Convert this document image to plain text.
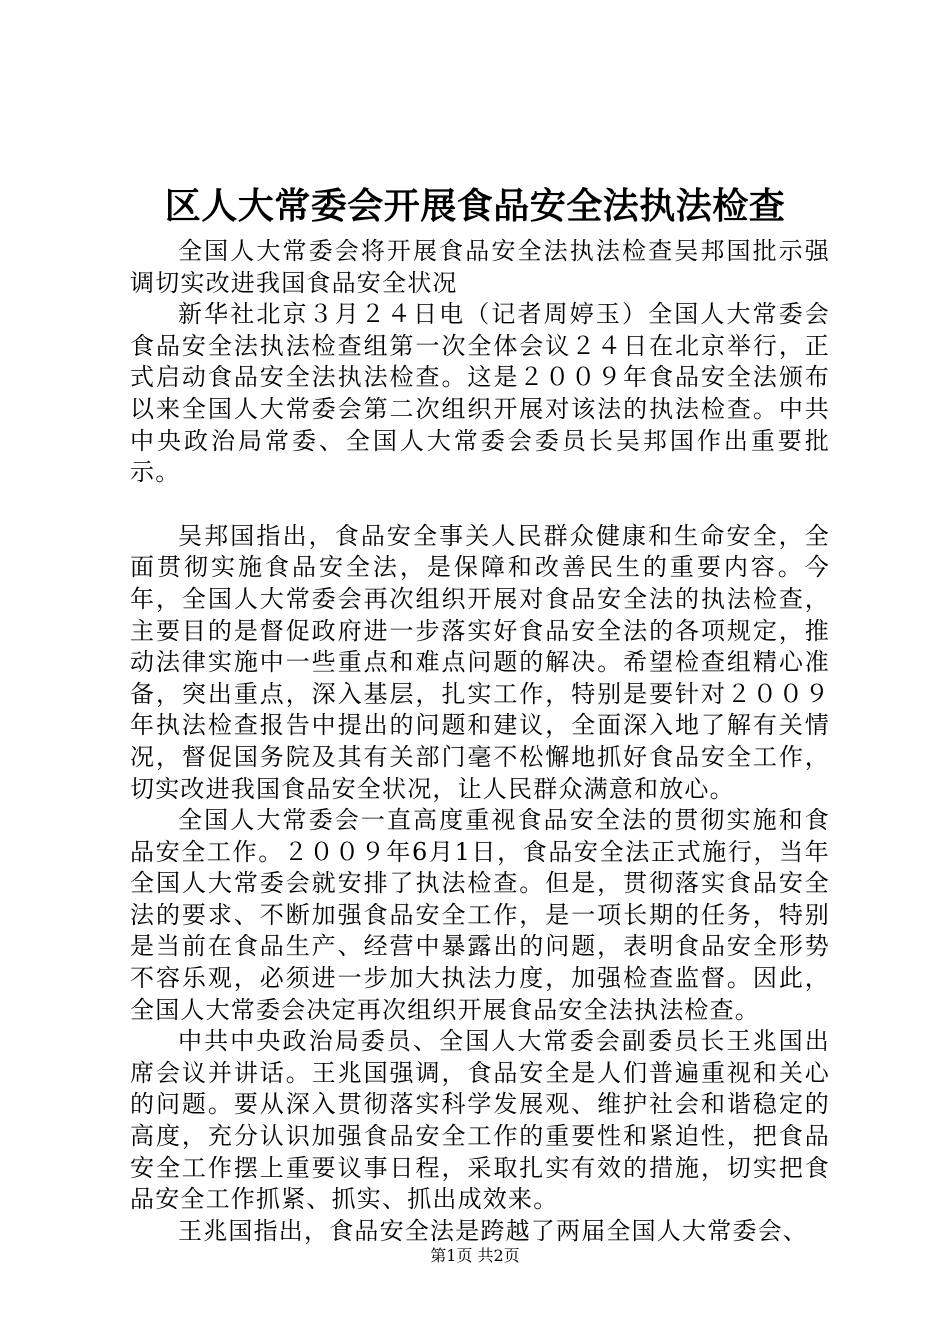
区人大常委会开展食品安全法执法检查

全国人大常委会将开展食品安全法执法检查吴邦国批示强调切实改进我国食品安全状况

新华社北京３月２４日电（记者周婷玉）全国人大常委会食品安全法执法检查组第一次全体会议２４日在北京举行，正式启动食品安全法执法检查。这是２００９年食品安全法颁布以来全国人大常委会第二次组织开展对该法的执法检查。中共中央政治局常委、全国人大常委会委员长吴邦国作出重要批示。

吴邦国指出，食品安全事关人民群众健康和生命安全，全面贯彻实施食品安全法，是保障和改善民生的重要内容。今年，全国人大常委会再次组织开展对食品安全法的执法检查，主要目的是督促政府进一步落实好食品安全法的各项规定，推动法律实施中一些重点和难点问题的解决。希望检查组精心准备，突出重点，深入基层，扎实工作，特别是要针对２００９年执法检查报告中提出的问题和建议，全面深入地了解有关情况，督促国务院及其有关部门毫不松懈地抓好食品安全工作，切实改进我国食品安全状况，让人民群众满意和放心。

全国人大常委会一直高度重视食品安全法的贯彻实施和食品安全工作。２００９年6月1日，食品安全法正式施行，当年全国人大常委会就安排了执法检查。但是，贯彻落实食品安全法的要求、不断加强食品安全工作，是一项长期的任务，特别是当前在食品生产、经营中暴露出的问题，表明食品安全形势不容乐观，必须进一步加大执法力度，加强检查监督。因此，全国人大常委会决定再次组织开展食品安全法执法检查。

中共中央政治局委员、全国人大常委会副委员长王兆国出席会议并讲话。王兆国强调，食品安全是人们普遍重视和关心的问题。要从深入贯彻落实科学发展观、维护社会和谐稳定的高度，充分认识加强食品安全工作的重要性和紧迫性，把食品安全工作摆上重要议事日程，采取扎实有效的措施，切实把食品安全工作抓紧、抓实、抓出成效来。

王兆国指出，食品安全法是跨越了两届全国人大常委会、

第1页 共2页
